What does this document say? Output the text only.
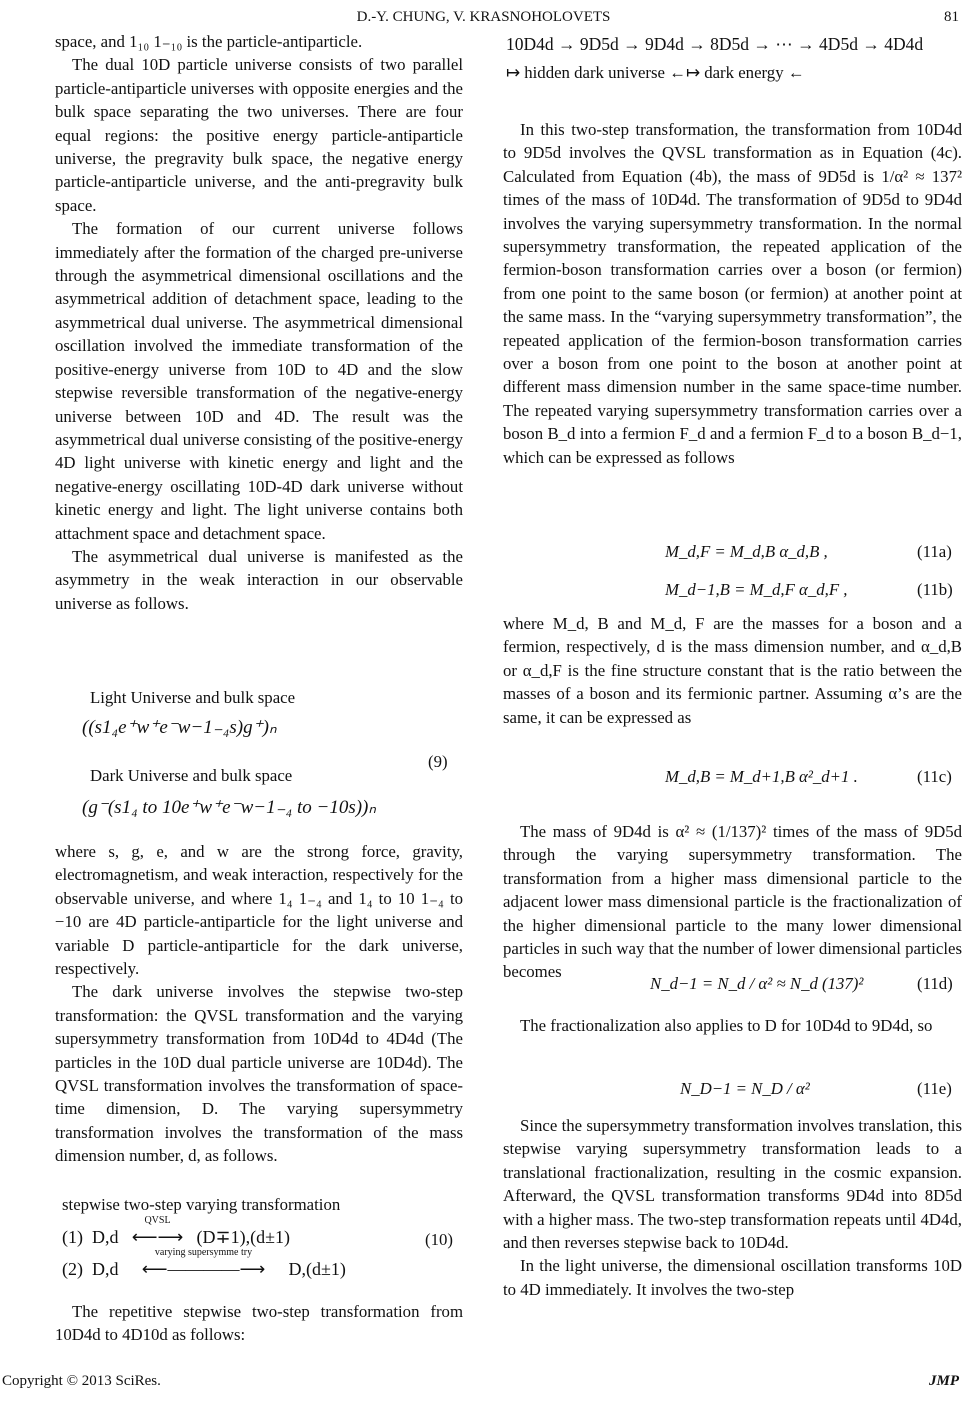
D.-Y. CHUNG, V. KRASNOHOLOVETS	81

space, and 1₁₀ 1₋₁₀ is the particle-antiparticle.

The dual 10D particle universe consists of two parallel particle-antiparticle universes with opposite energies and the bulk space separating the two universes. There are four equal regions: the positive energy particle-antiparticle universe, the pregravity bulk space, the negative energy particle-antiparticle universe, and the anti-pregravity bulk space.

The formation of our current universe follows immediately after the formation of the charged pre-universe through the asymmetrical dimensional oscillations and the asymmetrical addition of detachment space, leading to the asymmetrical dual universe. The asymmetrical dimensional oscillation involved the immediate transformation of the positive-energy universe from 10D to 4D and the slow stepwise reversible transformation of the negative-energy universe between 10D and 4D. The result was the asymmetrical dual universe consisting of the positive-energy 4D light universe with kinetic energy and light and the negative-energy oscillating 10D-4D dark universe without kinetic energy and light. The light universe contains both attachment space and detachment space.

The asymmetrical dual universe is manifested as the asymmetry in the weak interaction in our observable universe as follows.

Light Universe and bulk space
((s1₄e⁺w⁺e⁻w−1₋₄s)g⁺)ₙ
Dark Universe and bulk space
(g⁻(s1₄ to 10e⁺w⁺e⁻w−1₋₄ to −10s))ₙ
(9)

where s, g, e, and w are the strong force, gravity, electromagnetism, and weak interaction, respectively for the observable universe, and where 1₄ 1₋₄ and 1₄ to 10 1₋₄ to −10 are 4D particle-antiparticle for the light universe and variable D particle-antiparticle for the dark universe, respectively.

The dark universe involves the stepwise two-step transformation: the QVSL transformation and the varying supersymmetry transformation from 10D4d to 4D4d (The particles in the 10D dual particle universe are 10D4d). The QVSL transformation involves the transformation of space-time dimension, D. The varying supersymmetry transformation involves the transformation of the mass dimension number, d, as follows.

stepwise two-step varying transformation
(1) D,d
QVSL
⟵⟶ (D∓1),(d±1)
(2) D,d
varying supersymme try
⟵――――⟶ D,(d±1)
(10)

The repetitive stepwise two-step transformation from 10D4d to 4D10d as follows:

10D4d → 9D5d → 9D4d → 8D5d → ⋯ → 4D5d → 4D4d
↦ hidden dark universe ←↦ dark energy ←

In this two-step transformation, the transformation from 10D4d to 9D5d involves the QVSL transformation as in Equation (4c). Calculated from Equation (4b), the mass of 9D5d is 1/α² ≈ 137² times of the mass of 10D4d. The transformation of 9D5d to 9D4d involves the varying supersymmetry transformation. In the normal supersymmetry transformation, the repeated application of the fermion-boson transformation carries over a boson (or fermion) from one point to the same boson (or fermion) at another point at the same mass. In the “varying supersymmetry transformation”, the repeated application of the fermion-boson transformation carries over a boson from one point to the boson at another point at different mass dimension number in the same space-time number. The repeated varying supersymmetry transformation carries over a boson B_d into a fermion F_d and a fermion F_d to a boson B_d−1, which can be expressed as follows

M_d,F = M_d,B α_d,B ,	(11a)
M_d−1,B = M_d,F α_d,F ,	(11b)

where M_d, B and M_d, F are the masses for a boson and a fermion, respectively, d is the mass dimension number, and α_d,B or α_d,F is the fine structure constant that is the ratio between the masses of a boson and its fermionic partner. Assuming α’s are the same, it can be expressed as

M_d,B = M_d+1,B α²_d+1 .	(11c)

The mass of 9D4d is α² ≈ (1/137)² times of the mass of 9D5d through the varying supersymmetry transformation. The transformation from a higher mass dimensional particle to the adjacent lower mass dimensional particle is the fractionalization of the higher dimensional particle to the many lower dimensional particles in such way that the number of lower dimensional particles becomes

N_d−1 = N_d / α² ≈ N_d (137)²	(11d)

The fractionalization also applies to D for 10D4d to 9D4d, so

N_D−1 = N_D / α²	(11e)

Since the supersymmetry transformation involves translation, this stepwise varying supersymmetry transformation leads to a translational fractionalization, resulting in the cosmic expansion. Afterward, the QVSL transformation transforms 9D4d into 8D5d with a higher mass. The two-step transformation repeats until 4D4d, and then reverses stepwise back to 10D4d.

In the light universe, the dimensional oscillation transforms 10D to 4D immediately. It involves the two-step

Copyright © 2013 SciRes.	JMP
